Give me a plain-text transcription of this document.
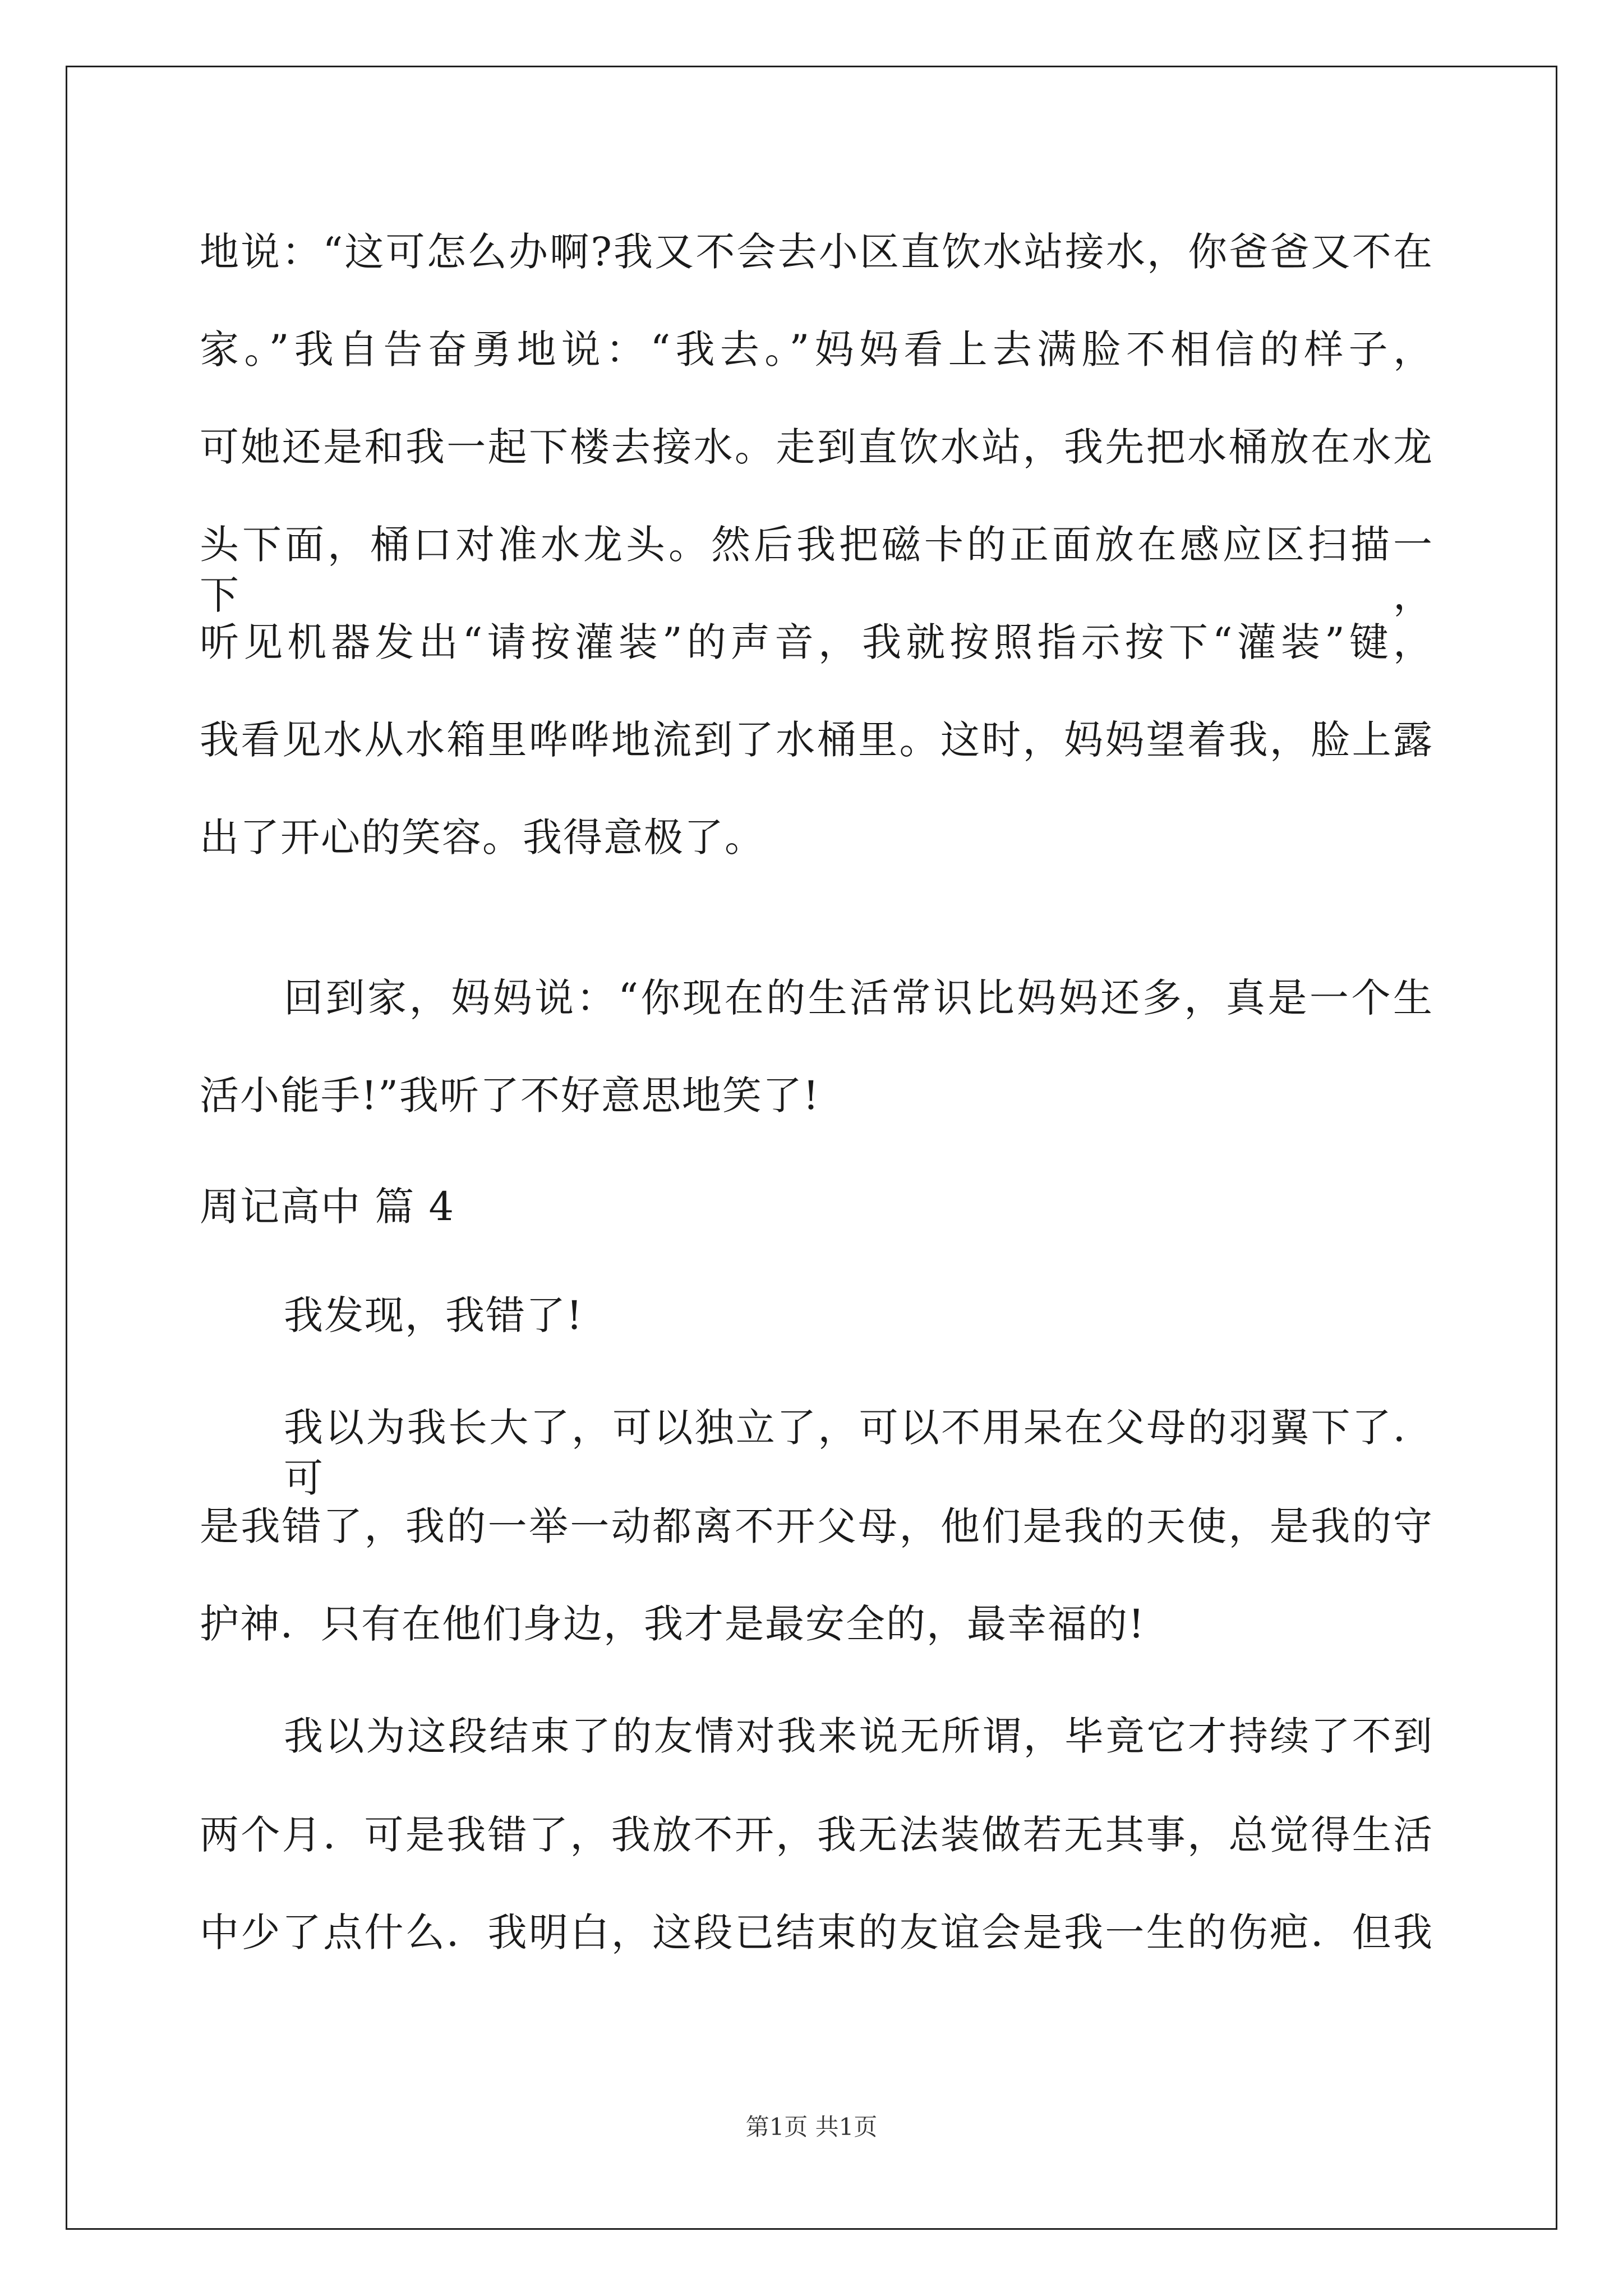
地说：“这可怎么办啊?我又不会去小区直饮水站接水，你爸爸又不在
家。”我自告奋勇地说：“我去。”妈妈看上去满脸不相信的样子，
可她还是和我一起下楼去接水。走到直饮水站，我先把水桶放在水龙
头下面，桶口对准水龙头。然后我把磁卡的正面放在感应区扫描一下，
听见机器发出“请按灌装”的声音，我就按照指示按下“灌装”键，
我看见水从水箱里哗哗地流到了水桶里。这时，妈妈望着我，脸上露
出了开心的笑容。我得意极了。
回到家，妈妈说：“你现在的生活常识比妈妈还多，真是一个生
活小能手!”我听了不好意思地笑了!
周记高中 篇 4
我发现，我错了!
我以为我长大了，可以独立了，可以不用呆在父母的羽翼下了．可
是我错了，我的一举一动都离不开父母，他们是我的天使，是我的守
护神．只有在他们身边，我才是最安全的，最幸福的!
我以为这段结束了的友情对我来说无所谓，毕竟它才持续了不到
两个月．可是我错了，我放不开，我无法装做若无其事，总觉得生活
中少了点什么．我明白，这段已结束的友谊会是我一生的伤疤．但我
第1页 共1页
